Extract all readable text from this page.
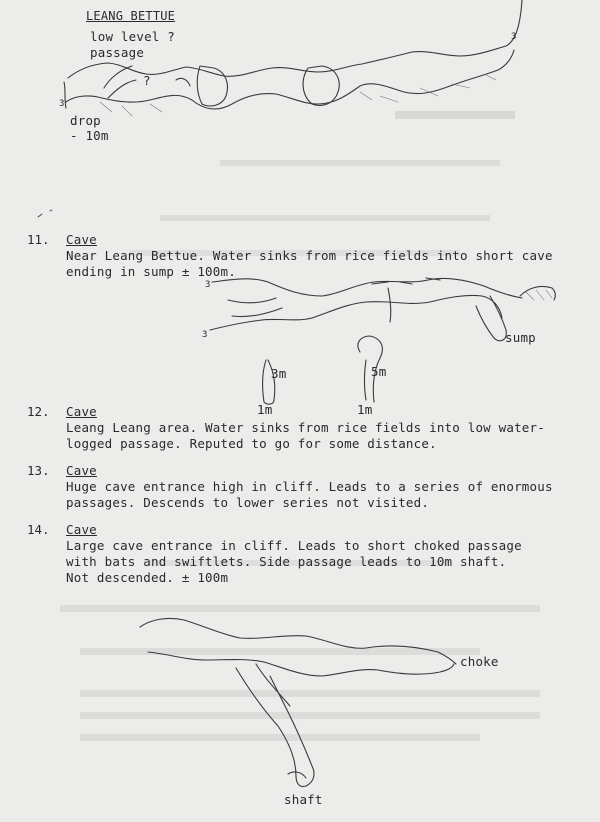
LEANG BETTUE
low level ?
passage
?
drop
- 10m
3
3
11. Cave
Near Leang Bettue. Water sinks from rice fields into short cave
ending in sump ± 100m.
sump
3m	5m
1m	1m
3
3
12. Cave
Leang Leang area. Water sinks from rice fields into low water-
logged passage. Reputed to go for some distance.
13. Cave
Huge cave entrance high in cliff. Leads to a series of enormous
passages. Descends to lower series not visited.
14. Cave
Large cave entrance in cliff. Leads to short choked passage
with bats and swiftlets. Side passage leads to 10m shaft.
Not descended. ± 100m
choke
shaft
